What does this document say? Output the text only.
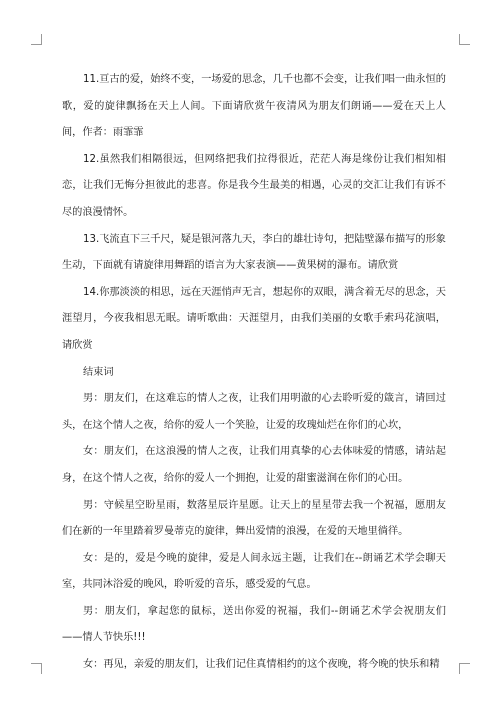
11.亘古的爱，始终不变，一场爱的思念，几千也都不会变，让我们唱一曲永恒的歌，爱的旋律飘扬在天上人间。下面请欣赏午夜清风为朋友们朗诵——爱在天上人间，作者：雨霏霏

12.虽然我们相隔很远，但网络把我们拉得很近，茫茫人海是缘份让我们相知相恋，让我们无悔分担彼此的悲喜。你是我今生最美的相遇，心灵的交汇让我们有诉不尽的浪漫情怀。

13.飞流直下三千尺，疑是银河落九天，李白的雄壮诗句，把陆壁瀑布描写的形象生动，下面就有请旋律用舞蹈的语言为大家表演——黄果树的瀑布。请欣赏

14.你那淡淡的相思，远在天涯悄声无言，想起你的双眼，满含着无尽的思念，天涯望月，今夜我相思无眠。请听歌曲：天涯望月，由我们美丽的女歌手索玛花演唱，请欣赏

结束词

男：朋友们，在这难忘的情人之夜，让我们用明澈的心去聆听爱的箴言，请回过头，在这个情人之夜，给你的爱人一个笑脸，让爱的玫瑰灿烂在你们的心坎，

女：朋友们，在这浪漫的情人之夜，让我们用真挚的心去体味爱的情感，请站起身，在这个情人之夜，给你的爱人一个拥抱，让爱的甜蜜滋润在你们的心田。

男：守候星空盼星雨，数落星辰许星愿。让天上的星星带去我一个祝福，愿朋友们在新的一年里踏着罗曼蒂克的旋律，舞出爱情的浪漫，在爱的天地里徜徉。

女：是的，爱是今晚的旋律，爱是人间永远主题，让我们在--朗诵艺术学会聊天室，共同沐浴爱的晚风，聆听爱的音乐，感受爱的气息。

男：朋友们，拿起您的鼠标，送出你爱的祝福，我们--朗诵艺术学会祝朋友们——情人节快乐!!!

女：再见，亲爱的朋友们，让我们记住真情相约的这个夜晚，将今晚的快乐和精
